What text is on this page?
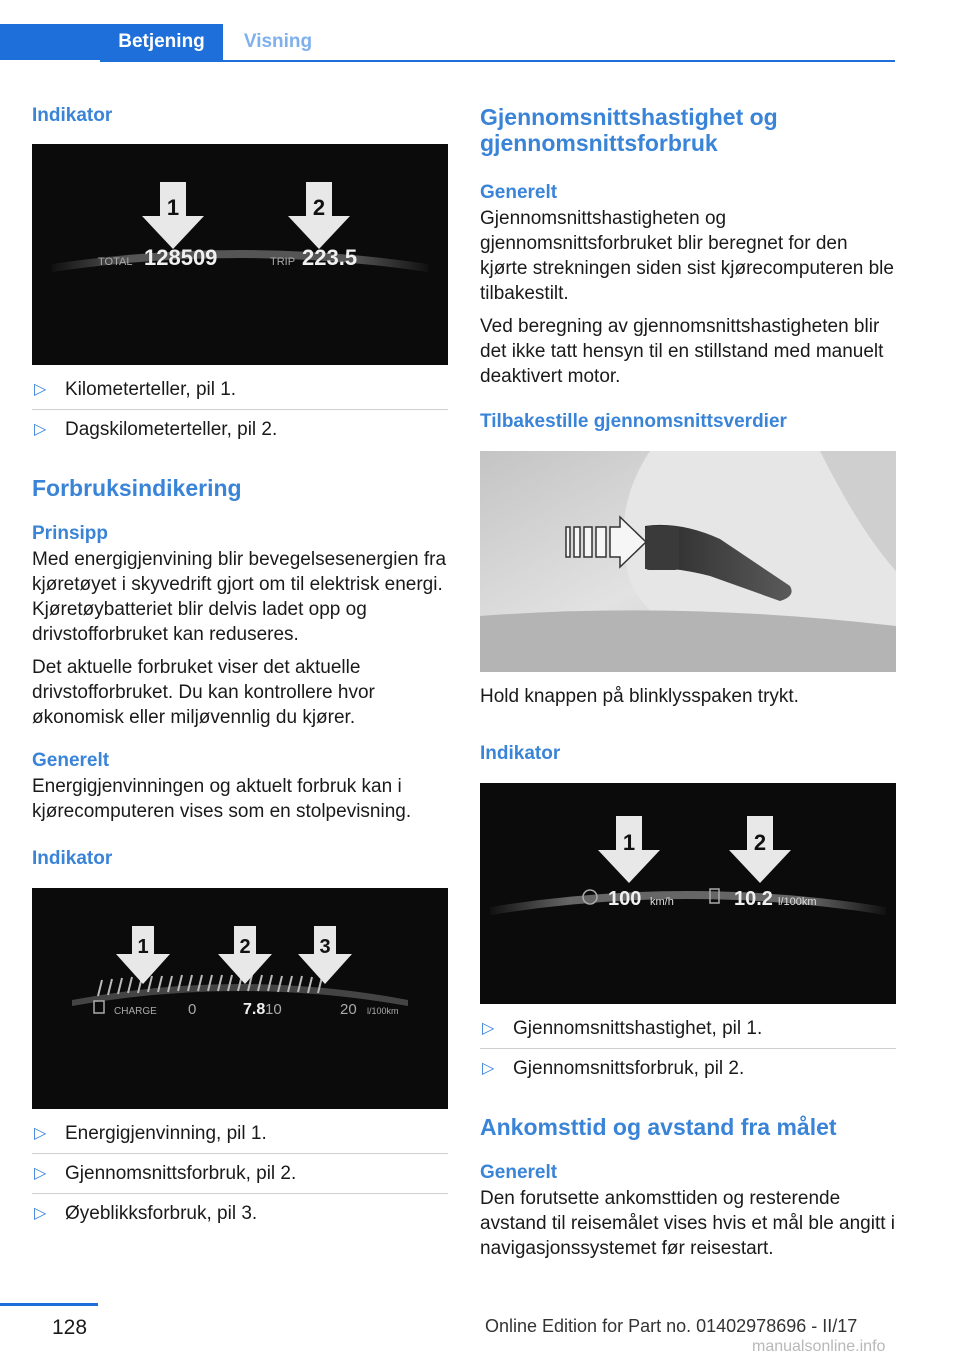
Betjening	Visning
Indikator
1	2
TOTAL 128509	TRIP 223.5
▷ Kilometerteller, pil 1.
▷ Dagskilometerteller, pil 2.
Forbruksindikering
Prinsipp

Med energigjenvining blir bevegelsesenergien fra kjøretøyet i skyvedrift gjort om til elektrisk energi. Kjøretøybatteriet blir delvis ladet opp og drivstofforbruket kan reduseres.

Det aktuelle forbruket viser det aktuelle drivstofforbruket. Du kan kontrollere hvor økonomisk eller miljøvennlig du kjører.

Generelt

Energigjenvinningen og aktuelt forbruk kan i kjørecomputeren vises som en stolpevisning.

Indikator
1	2	3
CHARGE 0	7.8 10	20 l/100km
▷ Energigjenvinning, pil 1.
▷ Gjennomsnittsforbruk, pil 2.
▷ Øyeblikksforbruk, pil 3.
Gjennomsnittshastighet og gjennomsnittsforbruk
Generelt

Gjennomsnittshastigheten og gjennomsnittsforbruket blir beregnet for den kjørte strekningen siden sist kjørecomputeren ble tilbakestilt.

Ved beregning av gjennomsnittshastigheten blir det ikke tatt hensyn til en stillstand med manuelt deaktivert motor.

Tilbakestille gjennomsnittsverdier

Hold knappen på blinklysspaken trykt.

Indikator
1	2
100 km/h	10.2 l/100km
▷ Gjennomsnittshastighet, pil 1.
▷ Gjennomsnittsforbruk, pil 2.
Ankomsttid og avstand fra målet
Generelt

Den forutsette ankomsttiden og resterende avstand til reisemålet vises hvis et mål ble angitt i navigasjonssystemet før reisestart.

128	Online Edition for Part no. 01402978696 - II/17
manualsonline.info
